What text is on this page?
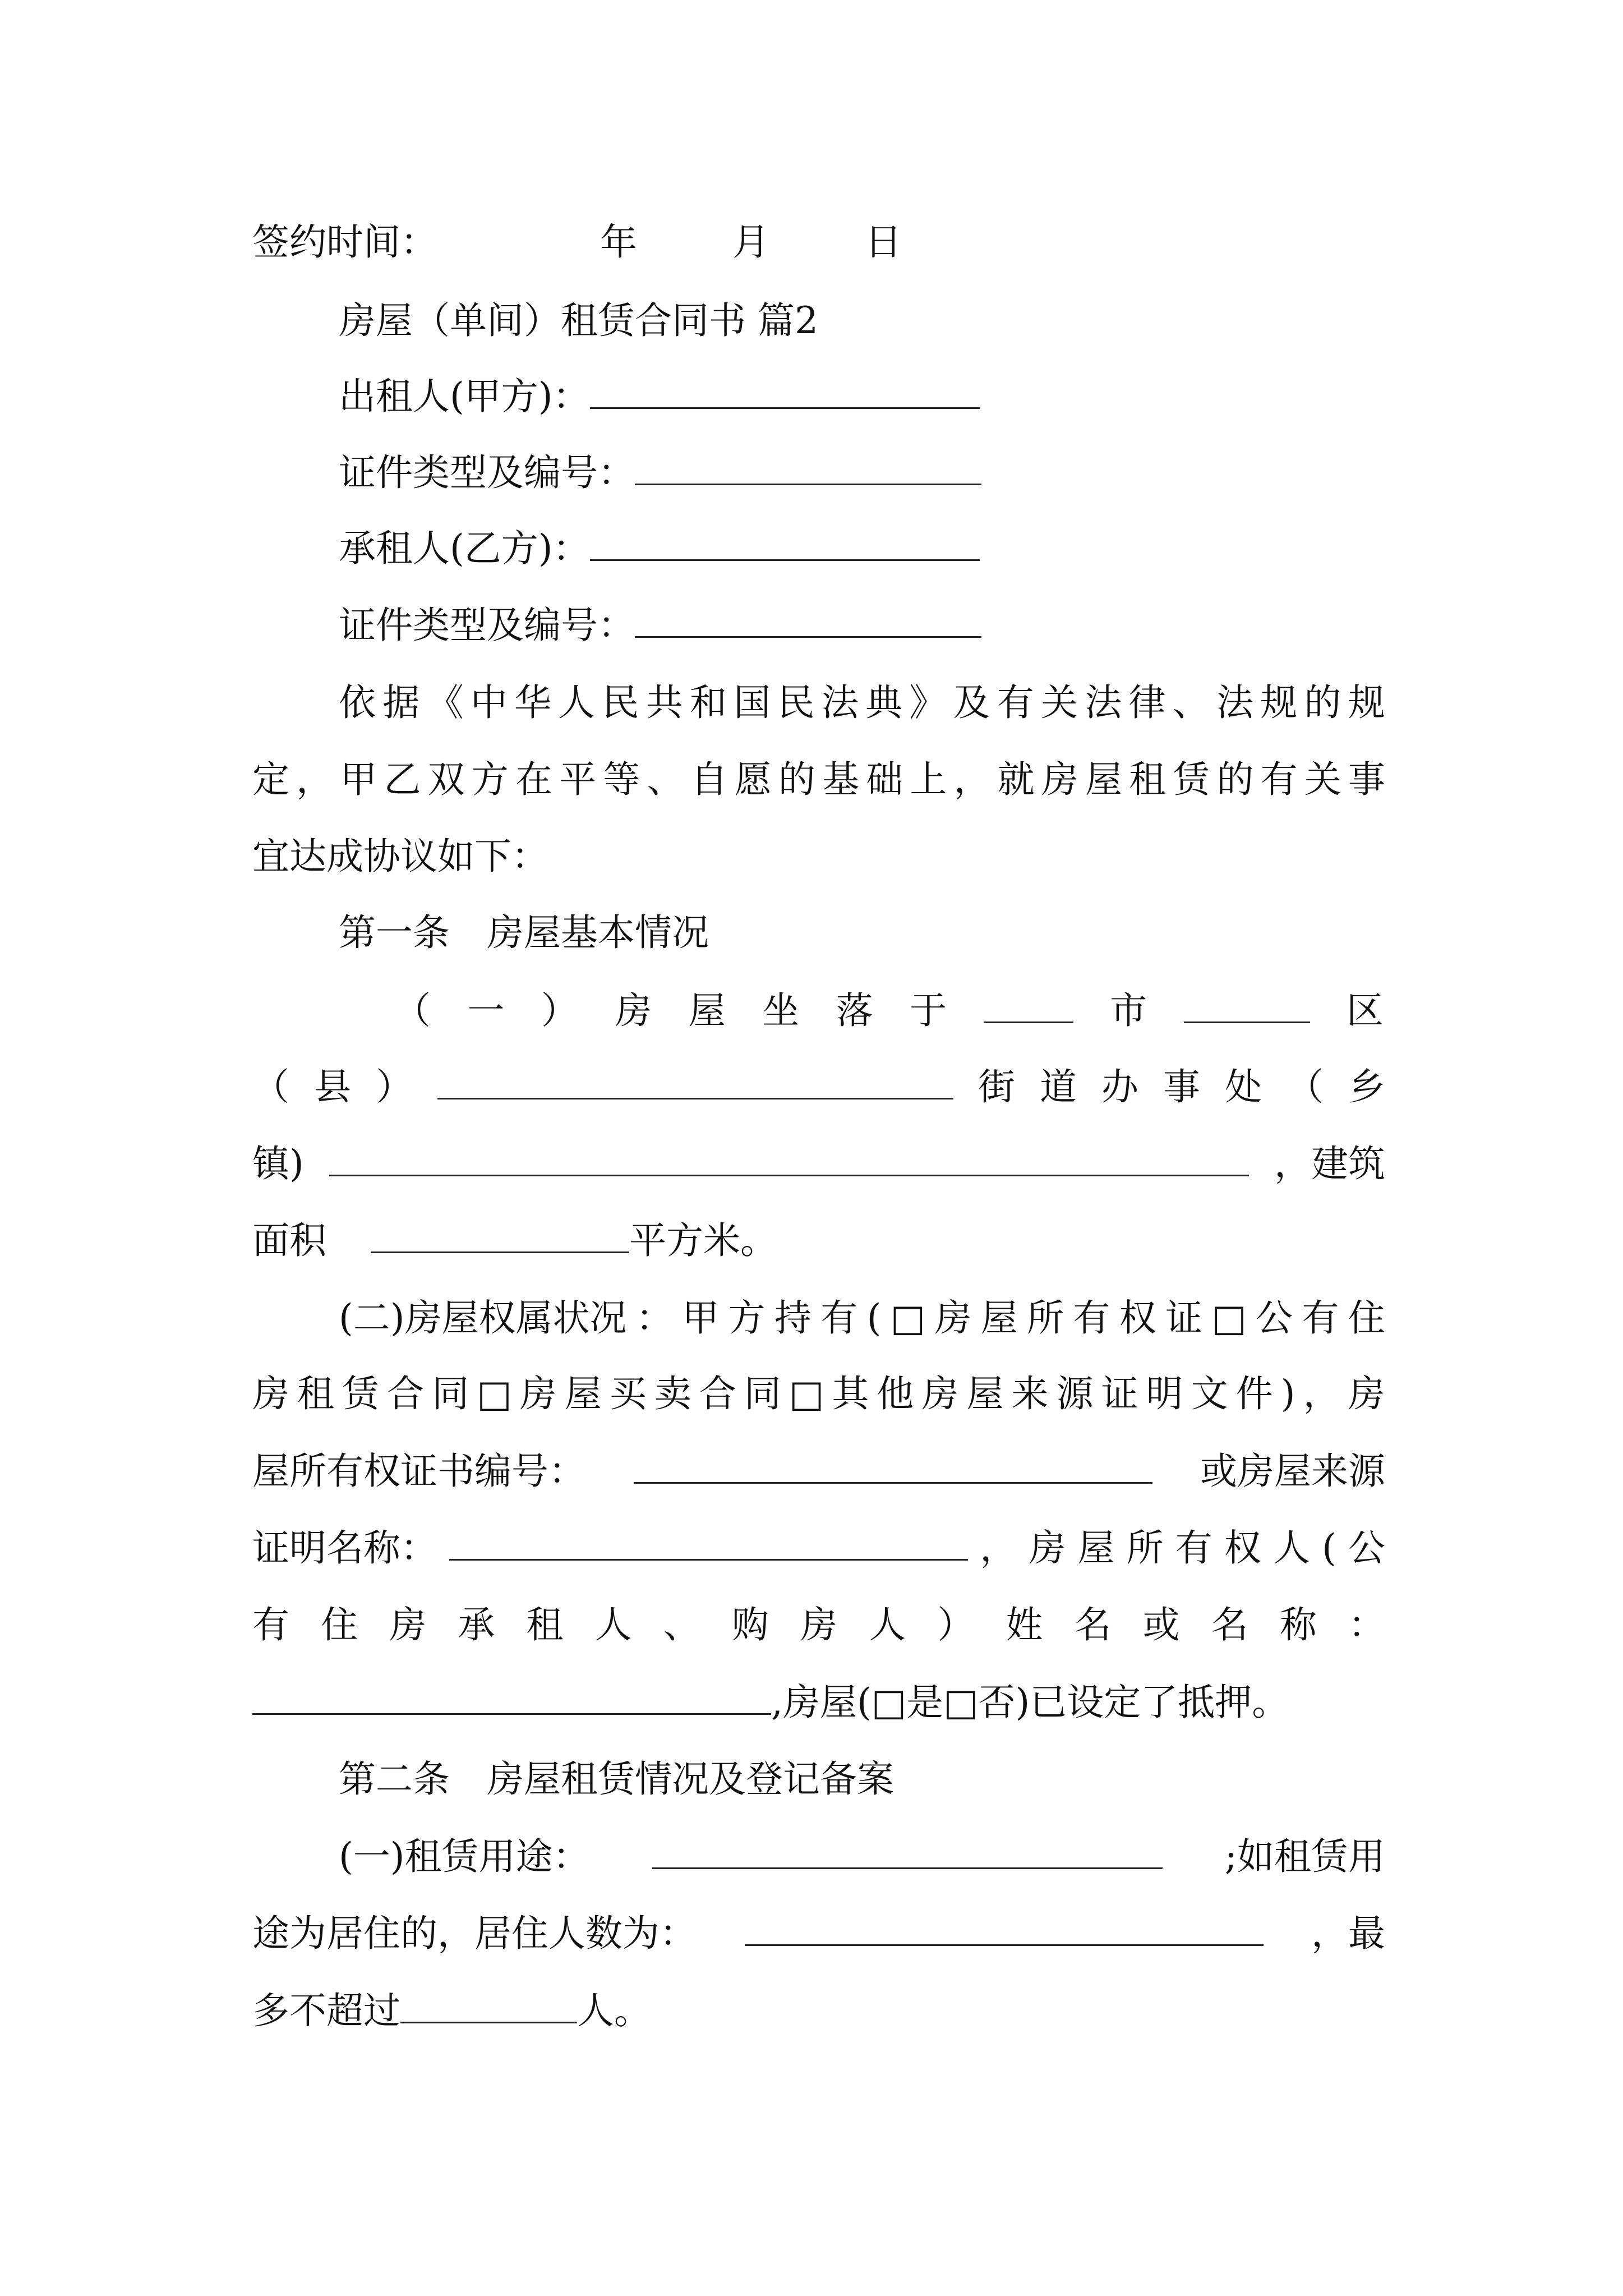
签约时间：	年	月	日
房屋（单间）租赁合同书 篇2
出租人(甲方)：
证件类型及编号：
承租人(乙方)：
证件类型及编号：
依 据 《 中 华 人 民 共 和 国 民 法 典 》 及 有 关 法 律 、 法 规 的 规
定 ， 甲 乙 双 方 在 平 等 、 自 愿 的 基 础 上 ， 就 房 屋 租 赁 的 有 关 事
宜达成协议如下：
第一条　房屋基本情况
（ 一 ） 房 屋 坐 落 于	市	区
（ 县 ）	街 道 办 事 处 （ 乡
镇)	，建筑
面积	平方米。
(二)房屋权属状况 ： 甲 方 持 有 ( □ 房 屋 所 有 权 证 □ 公 有 住
房 租 赁 合 同 □ 房 屋 买 卖 合 同 □ 其 他 房 屋 来 源 证 明 文 件 ) ， 房
屋所有权证书编号：	或房屋来源
证明名称：	， 房 屋 所 有 权 人 ( 公
有 住 房 承 租 人 、 购 房 人 ） 姓 名 或 名 称 ：
,房屋(□是□否)已设定了抵押。
第二条　房屋租赁情况及登记备案
(一)租赁用途：	;如租赁用
途为居住的，居住人数为：	，最
多不超过	人。
